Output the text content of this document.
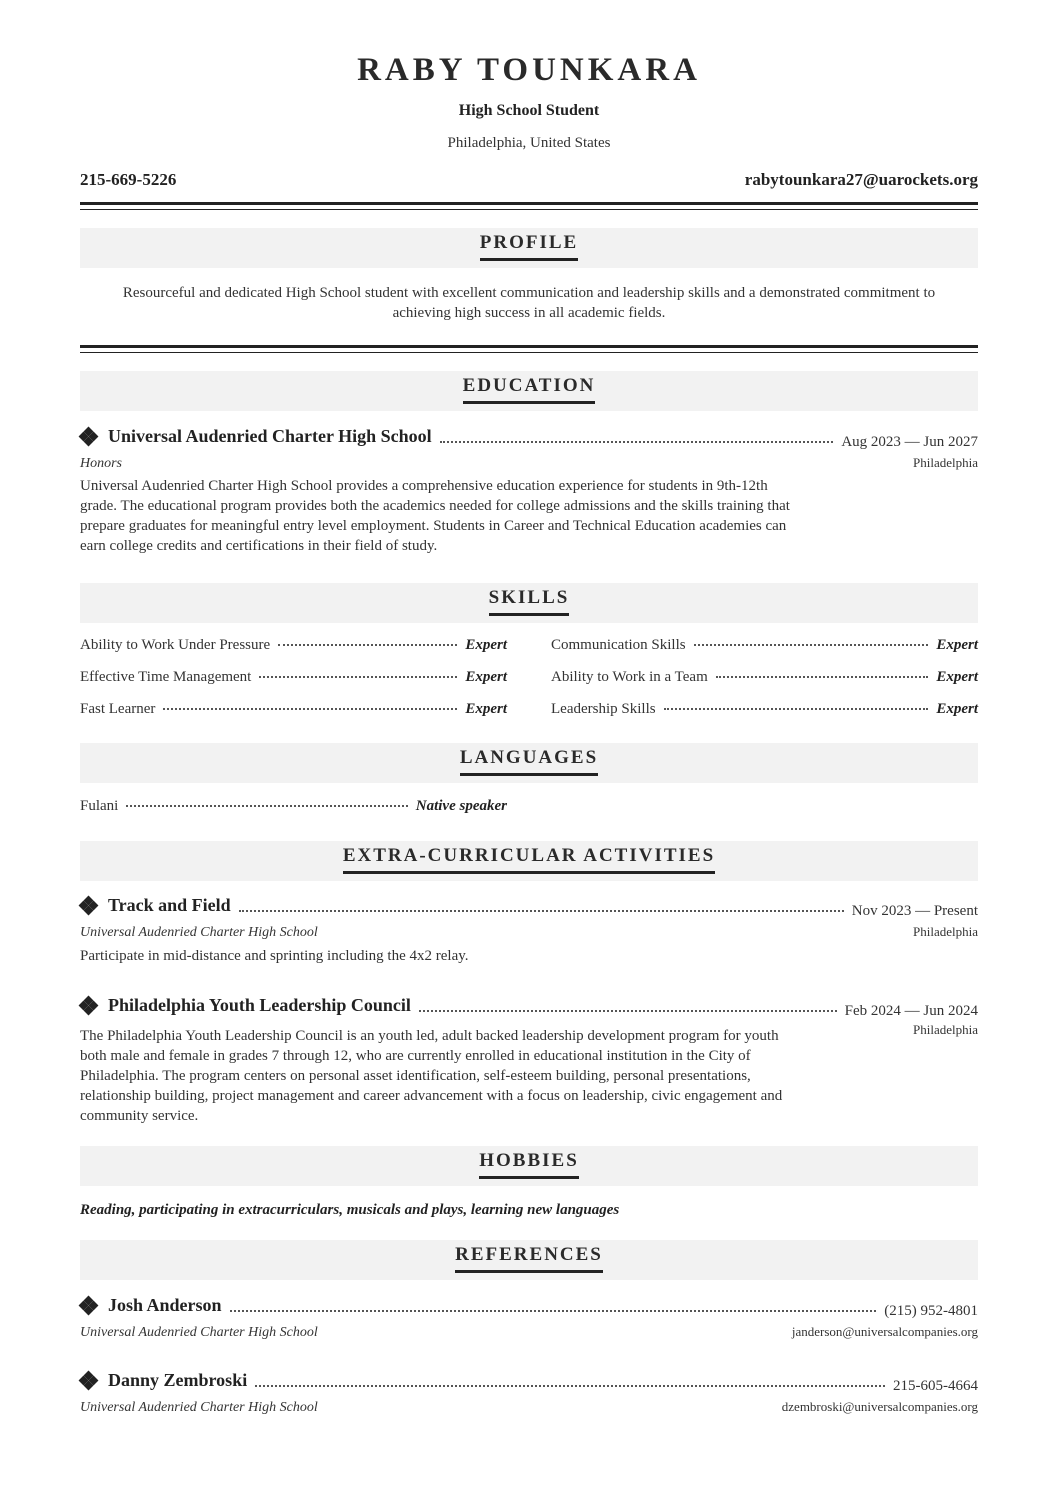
RABY TOUNKARA
High School Student
Philadelphia, United States
215-669-5226	rabytounkara27@uarockets.org
PROFILE
Resourceful and dedicated High School student with excellent communication and leadership skills and a demonstrated commitment to achieving high success in all academic fields.
EDUCATION
Universal Audenried Charter High School	Aug 2023 — Jun 2027
Honors	Philadelphia
Universal Audenried Charter High School provides a comprehensive education experience for students in 9th-12th grade. The educational program provides both the academics needed for college admissions and the skills training that prepare graduates for meaningful entry level employment. Students in Career and Technical Education academies can earn college credits and certifications in their field of study.
SKILLS
Ability to Work Under Pressure	Expert	Communication Skills	Expert
Effective Time Management	Expert	Ability to Work in a Team	Expert
Fast Learner	Expert	Leadership Skills	Expert
LANGUAGES
Fulani	Native speaker
EXTRA-CURRICULAR ACTIVITIES
Track and Field	Nov 2023 — Present
Universal Audenried Charter High School	Philadelphia
Participate in mid-distance and sprinting including the 4x2 relay.
Philadelphia Youth Leadership Council	Feb 2024 — Jun 2024
Philadelphia
The Philadelphia Youth Leadership Council is an youth led, adult backed leadership development program for youth both male and female in grades 7 through 12, who are currently enrolled in educational institution in the City of Philadelphia. The program centers on personal asset identification, self-esteem building, personal presentations, relationship building, project management and career advancement with a focus on leadership, civic engagement and community service.
HOBBIES
Reading, participating in extracurriculars, musicals and plays, learning new languages
REFERENCES
Josh Anderson	(215) 952-4801
Universal Audenried Charter High School	janderson@universalcompanies.org
Danny Zembroski	215-605-4664
Universal Audenried Charter High School	dzembroski@universalcompanies.org
